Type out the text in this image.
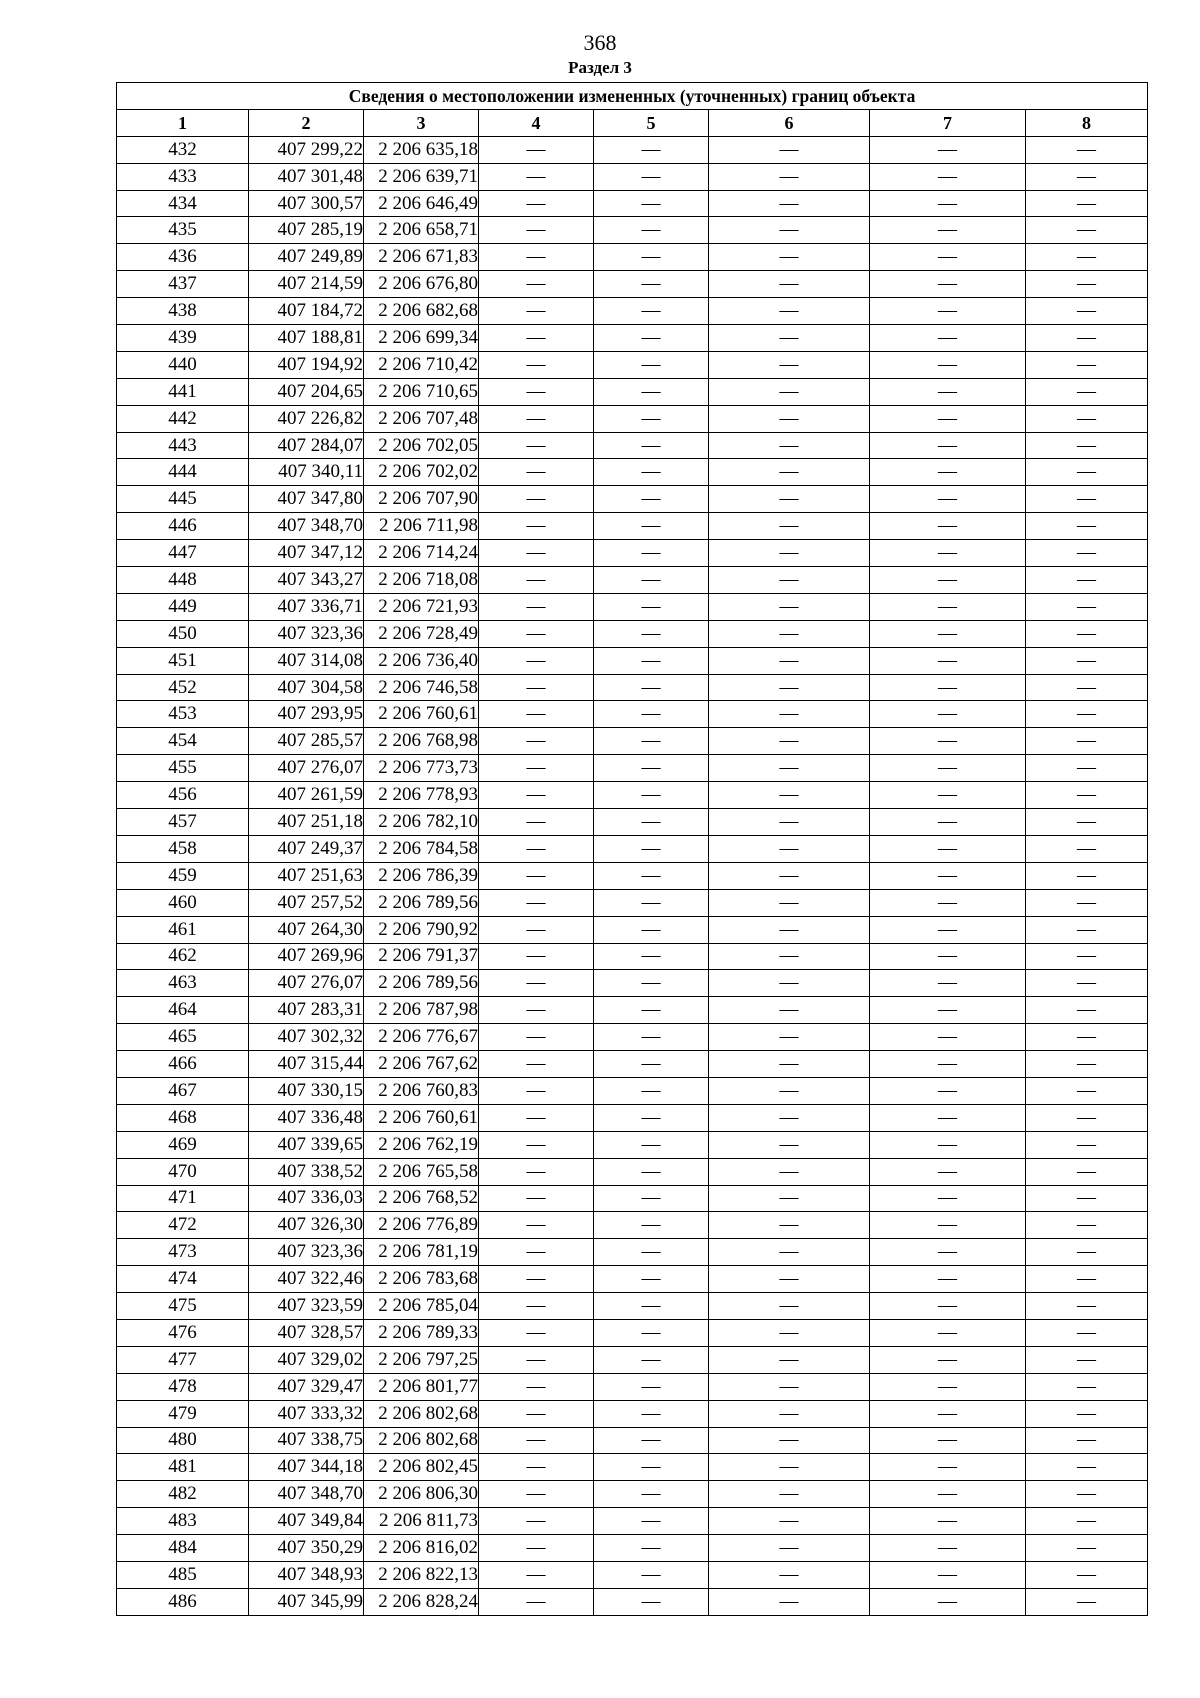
368
Раздел 3
Сведения о местоположении измененных (уточненных) границ объекта							
1	2	3	4	5	6	7	8
432	407 299,22	2 206 635,18	—	—	—	—	—
433	407 301,48	2 206 639,71	—	—	—	—	—
434	407 300,57	2 206 646,49	—	—	—	—	—
435	407 285,19	2 206 658,71	—	—	—	—	—
436	407 249,89	2 206 671,83	—	—	—	—	—
437	407 214,59	2 206 676,80	—	—	—	—	—
438	407 184,72	2 206 682,68	—	—	—	—	—
439	407 188,81	2 206 699,34	—	—	—	—	—
440	407 194,92	2 206 710,42	—	—	—	—	—
441	407 204,65	2 206 710,65	—	—	—	—	—
442	407 226,82	2 206 707,48	—	—	—	—	—
443	407 284,07	2 206 702,05	—	—	—	—	—
444	407 340,11	2 206 702,02	—	—	—	—	—
445	407 347,80	2 206 707,90	—	—	—	—	—
446	407 348,70	2 206 711,98	—	—	—	—	—
447	407 347,12	2 206 714,24	—	—	—	—	—
448	407 343,27	2 206 718,08	—	—	—	—	—
449	407 336,71	2 206 721,93	—	—	—	—	—
450	407 323,36	2 206 728,49	—	—	—	—	—
451	407 314,08	2 206 736,40	—	—	—	—	—
452	407 304,58	2 206 746,58	—	—	—	—	—
453	407 293,95	2 206 760,61	—	—	—	—	—
454	407 285,57	2 206 768,98	—	—	—	—	—
455	407 276,07	2 206 773,73	—	—	—	—	—
456	407 261,59	2 206 778,93	—	—	—	—	—
457	407 251,18	2 206 782,10	—	—	—	—	—
458	407 249,37	2 206 784,58	—	—	—	—	—
459	407 251,63	2 206 786,39	—	—	—	—	—
460	407 257,52	2 206 789,56	—	—	—	—	—
461	407 264,30	2 206 790,92	—	—	—	—	—
462	407 269,96	2 206 791,37	—	—	—	—	—
463	407 276,07	2 206 789,56	—	—	—	—	—
464	407 283,31	2 206 787,98	—	—	—	—	—
465	407 302,32	2 206 776,67	—	—	—	—	—
466	407 315,44	2 206 767,62	—	—	—	—	—
467	407 330,15	2 206 760,83	—	—	—	—	—
468	407 336,48	2 206 760,61	—	—	—	—	—
469	407 339,65	2 206 762,19	—	—	—	—	—
470	407 338,52	2 206 765,58	—	—	—	—	—
471	407 336,03	2 206 768,52	—	—	—	—	—
472	407 326,30	2 206 776,89	—	—	—	—	—
473	407 323,36	2 206 781,19	—	—	—	—	—
474	407 322,46	2 206 783,68	—	—	—	—	—
475	407 323,59	2 206 785,04	—	—	—	—	—
476	407 328,57	2 206 789,33	—	—	—	—	—
477	407 329,02	2 206 797,25	—	—	—	—	—
478	407 329,47	2 206 801,77	—	—	—	—	—
479	407 333,32	2 206 802,68	—	—	—	—	—
480	407 338,75	2 206 802,68	—	—	—	—	—
481	407 344,18	2 206 802,45	—	—	—	—	—
482	407 348,70	2 206 806,30	—	—	—	—	—
483	407 349,84	2 206 811,73	—	—	—	—	—
484	407 350,29	2 206 816,02	—	—	—	—	—
485	407 348,93	2 206 822,13	—	—	—	—	—
486	407 345,99	2 206 828,24	—	—	—	—	—
